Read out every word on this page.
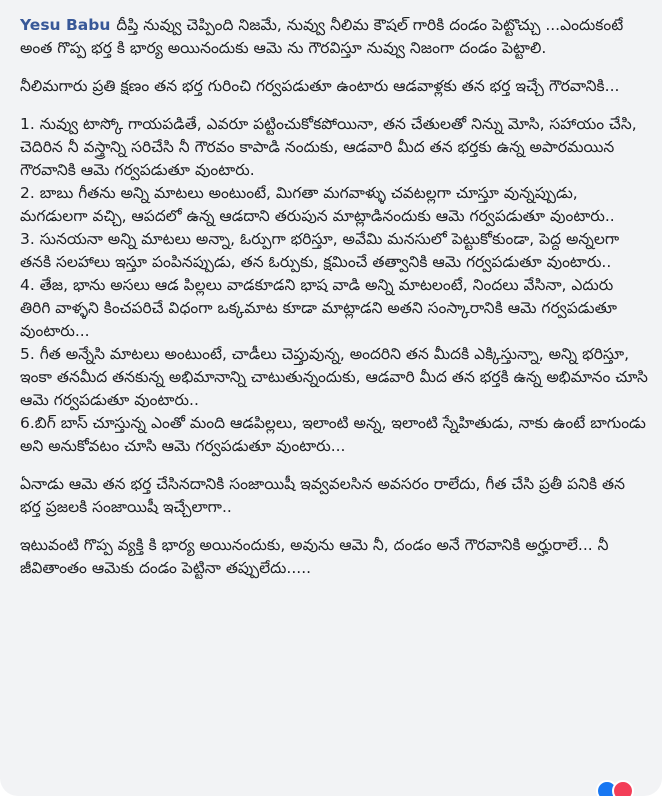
Yesu Babu దీప్తి నువ్వు చెప్పింది నిజమే, నువ్వు నీలిమ కౌషల్ గారికి దండం పెట్టొచ్చు ...ఎందుకంటే అంత గొప్ప భర్త కి భార్య అయినందుకు ఆమె ను గౌరవిస్తూ నువ్వు నిజంగా దండం పెట్టాలి.
నీలిమగారు ప్రతి క్షణం తన భర్త గురించి గర్వపడుతూ ఉంటారు ఆడవాళ్లకు తన భర్త ఇచ్చే గౌరవానికి...
1. నువ్వు టాస్కో గాయపడితే, ఎవరూ పట్టించుకోకపోయినా, తన చేతులతో నిన్ను మోసి, సహాయం చేసి, చెదిరిన నీ వస్త్రాన్ని సరిచేసి నీ గౌరవం కాపాడి నందుకు, ఆడవారి మీద తన భర్తకు ఉన్న అపారమయిన గౌరవానికి ఆమె గర్వపడుతూ వుంటారు.
2. బాబు గీతను అన్ని మాటలు అంటుంటే, మిగతా మగవాళ్ళు చవటల్లగా చూస్తూ వున్నప్పుడు, మగడులగా వచ్చి, ఆపదలో ఉన్న ఆడదాని తరుపున మాట్లాడినందుకు ఆమె గర్వపడుతూ వుంటారు..
3. సునయనా అన్ని మాటలు అన్నా, ఓర్పుగా భరిస్తూ, అవేమి మనసులో పెట్టుకోకుండా, పెద్ద అన్నలగా తనకి సలహాలు ఇస్తూ పంపినప్పుడు, తన ఓర్పుకు, క్షమించే తత్వానికి ఆమె గర్వపడుతూ వుంటారు..
4. తేజ, భాను అసలు ఆడ పిల్లలు వాడకూడని భాష వాడి అన్ని మాటలంటే, నిందలు వేసినా, ఎదురు తిరిగి వాళ్ళని కించపరిచే విధంగా ఒక్కమాట కూడా మాట్లాడని అతని సంస్కారానికి ఆమె గర్వపడుతూ వుంటారు...
5. గీత అన్నేసి మాటలు అంటుంటే, చాడీలు చెప్తువున్న, అందరిని తన మీదకి ఎక్కిస్తున్నా, అన్ని భరిస్తూ, ఇంకా తనమీద తనకున్న అభిమానాన్ని చాటుతున్నందుకు, ఆడవారి మీద తన భర్తకి ఉన్న అభిమానం చూసి ఆమె గర్వపడుతూ వుంటారు..
6.బిగ్ బాస్ చూస్తున్న ఎంతో మంది ఆడపిల్లలు, ఇలాంటి అన్న, ఇలాంటి స్నేహితుడు, నాకు ఉంటే బాగుండు అని అనుకోవటం చూసి ఆమె గర్వపడుతూ వుంటారు...
ఏనాడు ఆమె తన భర్త చేసినదానికి సంజాయిషీ ఇవ్వవలసిన అవసరం రాలేదు, గీత చేసి ప్రతీ పనికి తన భర్త ప్రజలకి సంజాయిషీ ఇచ్చేలాగా..
ఇటువంటి గొప్ప వ్యక్తి కి భార్య అయినందుకు, అవును ఆమె నీ, దండం అనే గౌరవానికి అర్హురాలే... నీ జీవితాంతం ఆమెకు దండం పెట్టినా తప్పులేదు.....
